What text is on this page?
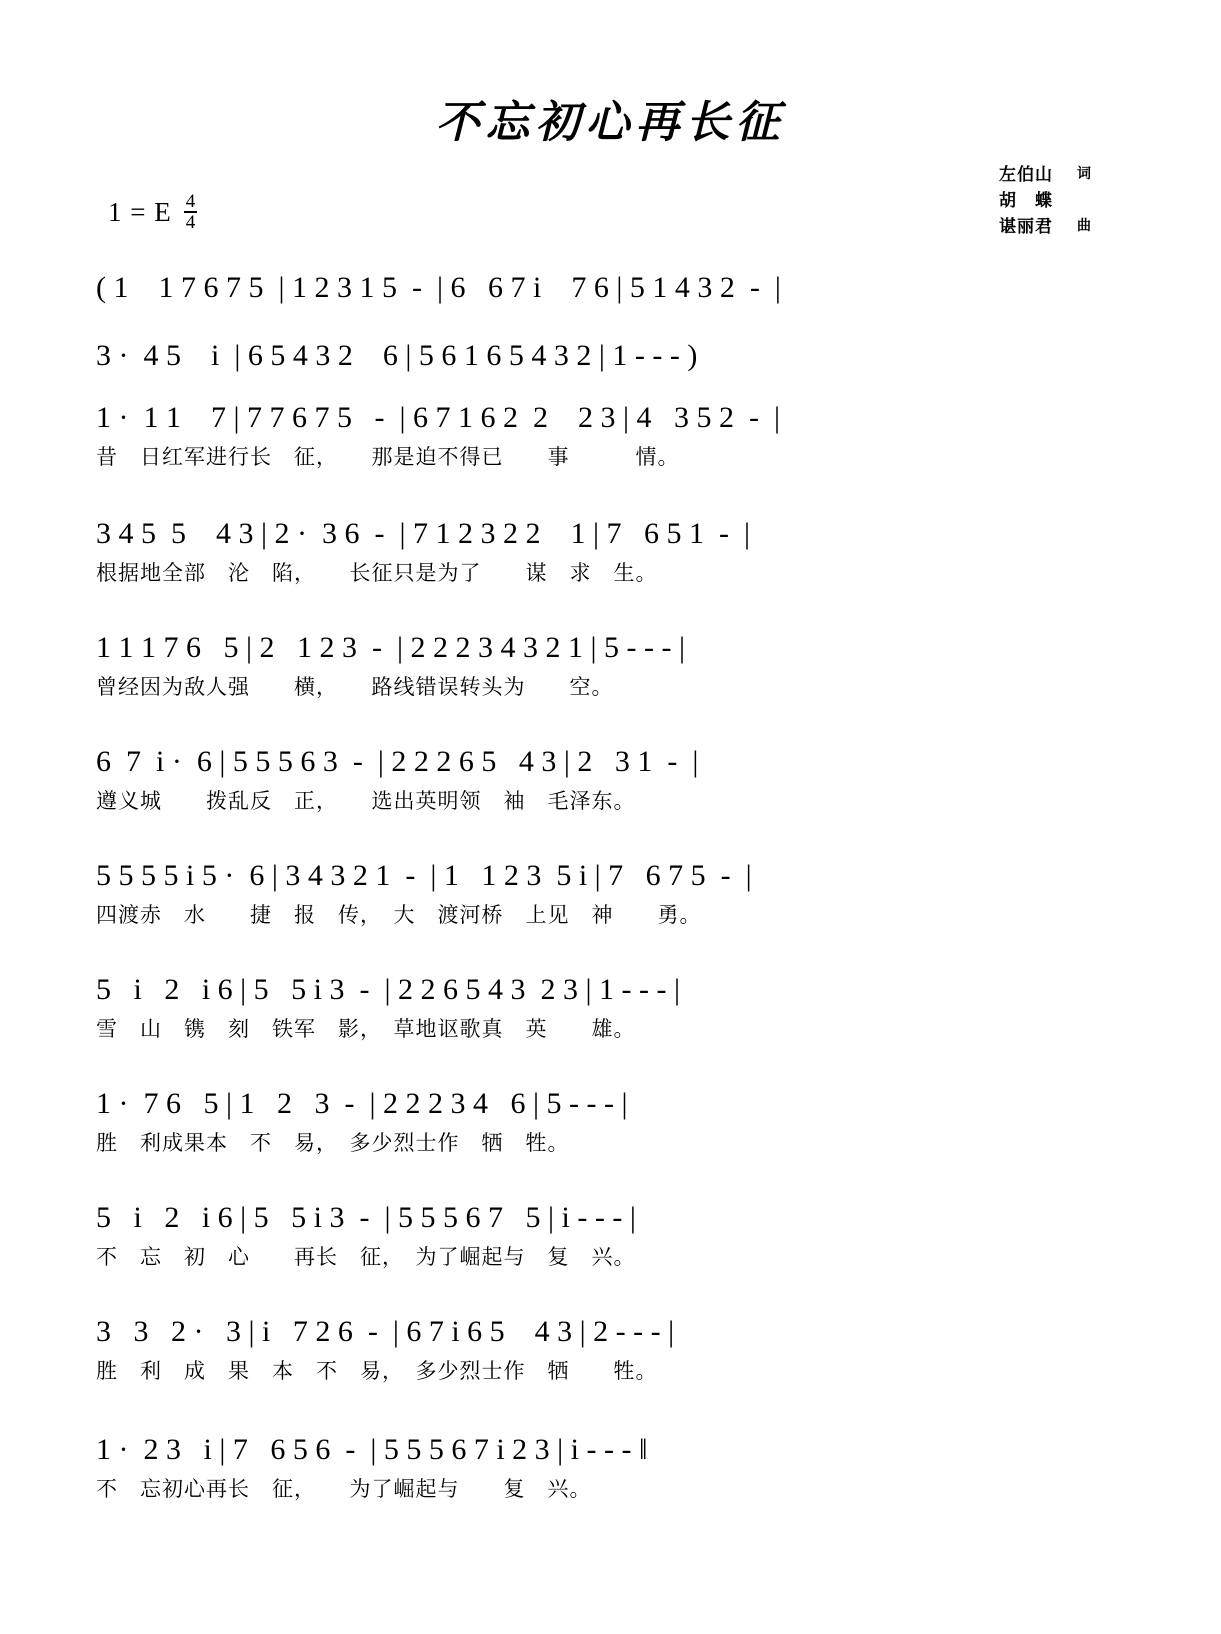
不忘初心再长征
左伯山 词
胡　蝶
谌丽君 曲
1 = E $\frac{4}{4}$
( 1    1 7 6 7 5  | 1 2 3 1 5  -  | 6   6 7 i    7 6 | 5 1 4 3 2  -  |
3 ·  4 5    i  | 6 5 4 3 2    6 | 5 6 1 6 5 4 3 2 | 1 - - - )
1 ·  1 1    7 | 7 7 6 7 5   -  | 6 7 1 6 2  2    2 3 | 4   3 5 2  -  |
昔　日红军进行长　征，　　那是迫不得已　　事　　　情。
3 4 5  5    4 3 | 2 ·  3 6  -  | 7 1 2 3 2 2    1 | 7   6 5 1  -  |
根据地全部　沦　陷，　　长征只是为了　　谋　求　生。
1 1 1 7 6   5 | 2   1 2 3  -  | 2 2 2 3 4 3 2 1 | 5 - - - |
曾经因为敌人强　　横，　　路线错误转头为　　空。
6  7  i ·  6 | 5 5 5 6 3  -  | 2 2 2 6 5   4 3 | 2   3 1  -  |
遵义城　　拨乱反　正，　　选出英明领　袖　毛泽东。
5 5 5 5 i 5 ·  6 | 3 4 3 2 1  -  | 1   1 2 3  5 i | 7   6 7 5  -  |
四渡赤　水　　捷　报　传，　大　渡河桥　上见　神　　勇。
5   i   2   i 6 | 5   5 i 3  -  | 2 2 6 5 4 3  2 3 | 1 - - - |
雪　山　镌　刻　铁军　影，　草地讴歌真　英　　雄。
1 ·  7 6   5 | 1   2   3  -  | 2 2 2 3 4   6 | 5 - - - |
胜　利成果本　不　易，　多少烈士作　牺　牲。
5   i   2   i 6 | 5   5 i 3  -  | 5 5 5 6 7   5 | i - - - |
不　忘　初　心　　再长　征，　为了崛起与　复　兴。
3   3   2 ·   3 | i   7 2 6  -  | 6 7 i 6 5    4 3 | 2 - - - |
胜　利　成　果　本　不　易，　多少烈士作　牺　　牲。
1 ·  2 3   i | 7   6 5 6  -  | 5 5 5 6 7 i 2 3 | i - - - ‖
不　忘初心再长　征，　　为了崛起与　　复　兴。
